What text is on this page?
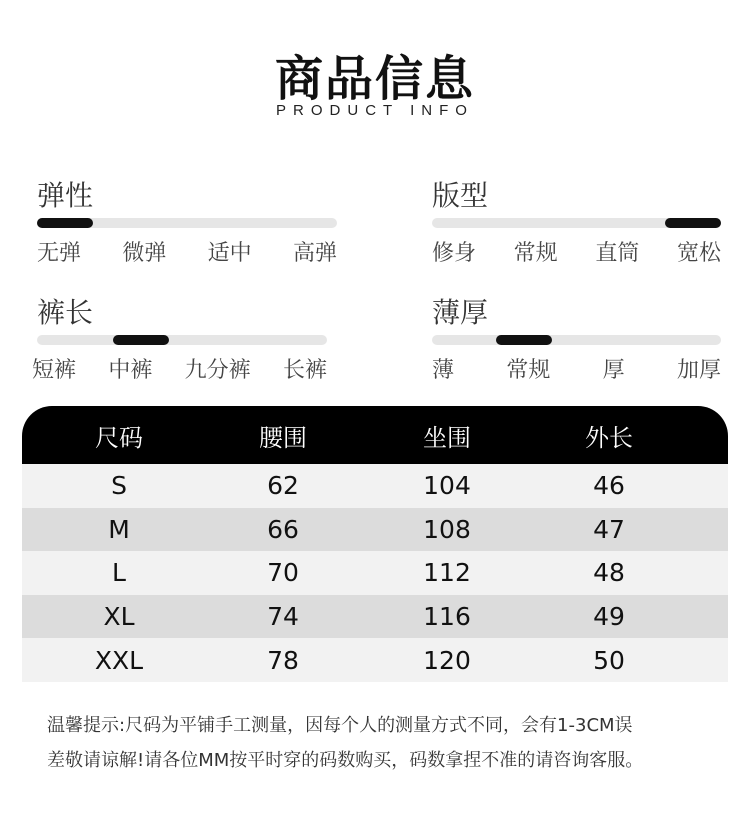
商品信息
PRODUCT INFO
弹性
无弹 微弹 适中 高弹
版型
修身 常规 直筒 宽松
裤长
短裤 中裤 九分裤 长裤
薄厚
薄 常规 厚 加厚
尺码	腰围	坐围	外长
S	62	104	46
M	66	108	47
L	70	112	48
XL	74	116	49
XXL	78	120	50
温馨提示:尺码为平铺手工测量，因每个人的测量方式不同，会有1-3CM误
差敬请谅解!请各位MM按平时穿的码数购买，码数拿捏不准的请咨询客服。
